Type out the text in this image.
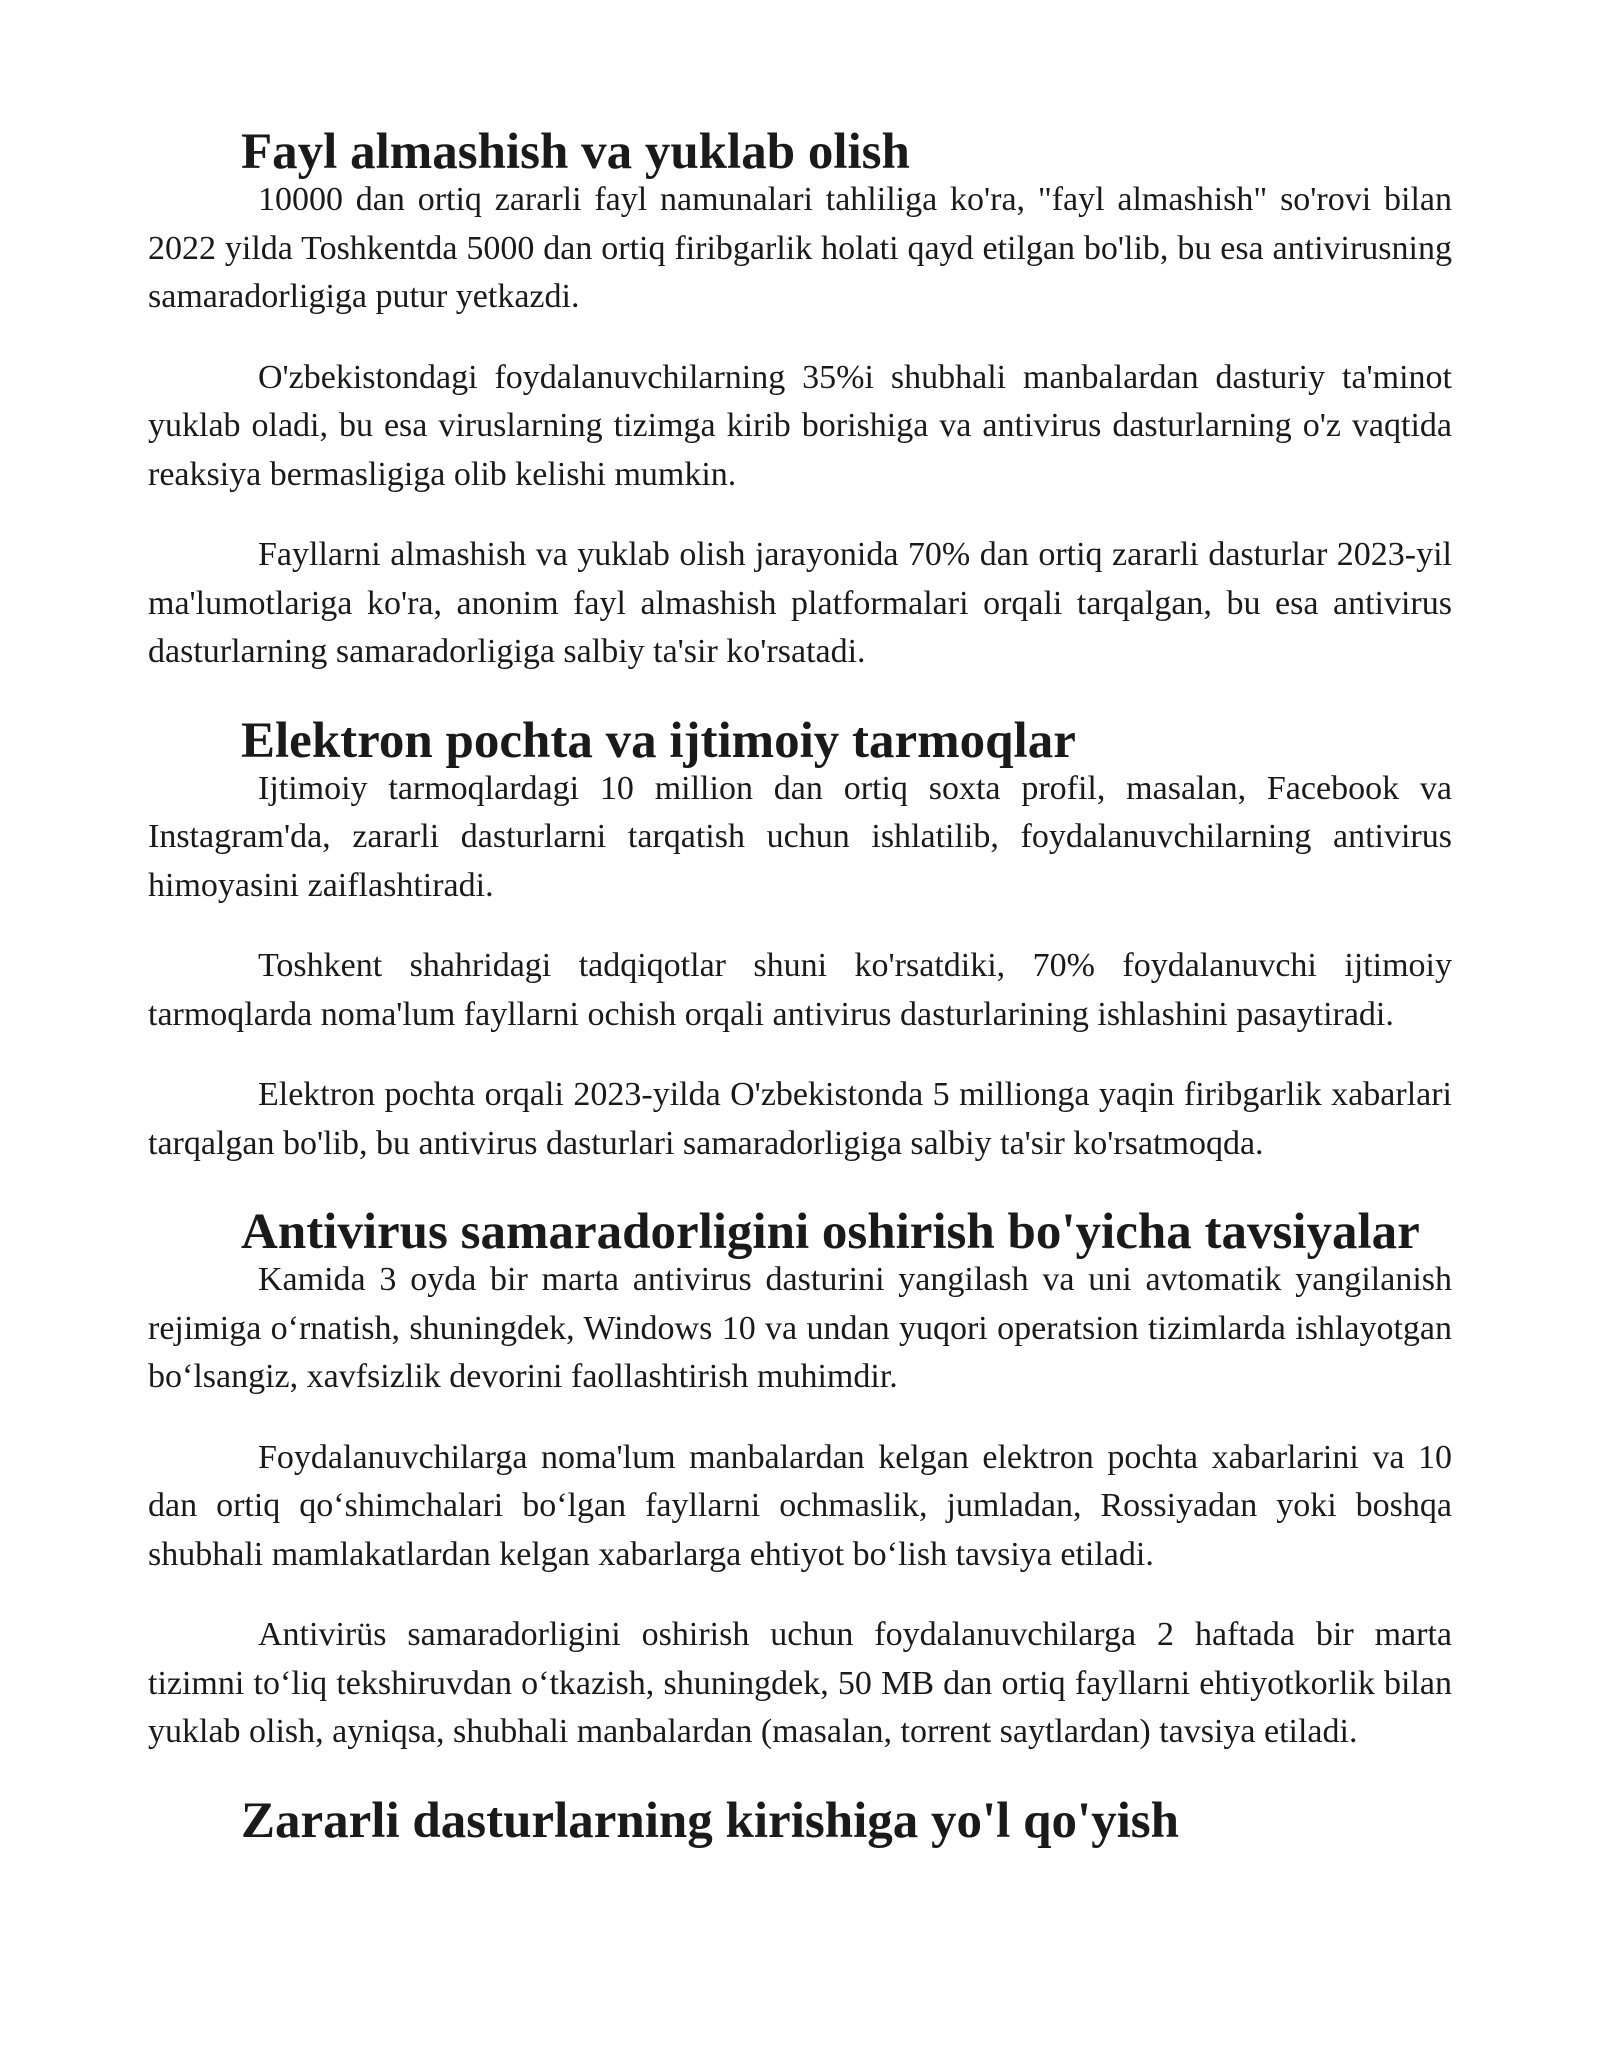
Fayl almashish va yuklab olish

10000 dan ortiq zararli fayl namunalari tahliliga ko'ra, "fayl almashish" so'rovi bilan 2022 yilda Toshkentda 5000 dan ortiq firibgarlik holati qayd etilgan bo'lib, bu esa antivirusning samaradorligiga putur yetkazdi.

O'zbekistondagi foydalanuvchilarning 35%i shubhali manbalardan dasturiy ta'minot yuklab oladi, bu esa viruslarning tizimga kirib borishiga va antivirus dasturlarning o'z vaqtida reaksiya bermasligiga olib kelishi mumkin.

Fayllarni almashish va yuklab olish jarayonida 70% dan ortiq zararli dasturlar 2023-yil ma'lumotlariga ko'ra, anonim fayl almashish platformalari orqali tarqalgan, bu esa antivirus dasturlarning samaradorligiga salbiy ta'sir ko'rsatadi.

Elektron pochta va ijtimoiy tarmoqlar

Ijtimoiy tarmoqlardagi 10 million dan ortiq soxta profil, masalan, Facebook va Instagram'da, zararli dasturlarni tarqatish uchun ishlatilib, foydalanuvchilarning antivirus himoyasini zaiflashtiradi.

Toshkent shahridagi tadqiqotlar shuni ko'rsatdiki, 70% foydalanuvchi ijtimoiy tarmoqlarda noma'lum fayllarni ochish orqali antivirus dasturlarining ishlashini pasaytiradi.

Elektron pochta orqali 2023-yilda O'zbekistonda 5 millionga yaqin firibgarlik xabarlari tarqalgan bo'lib, bu antivirus dasturlari samaradorligiga salbiy ta'sir ko'rsatmoqda.

Antivirus samaradorligini oshirish bo'yicha tavsiyalar

Kamida 3 oyda bir marta antivirus dasturini yangilash va uni avtomatik yangilanish rejimiga oʻrnatish, shuningdek, Windows 10 va undan yuqori operatsion tizimlarda ishlayotgan boʻlsangiz, xavfsizlik devorini faollashtirish muhimdir.

Foydalanuvchilarga noma'lum manbalardan kelgan elektron pochta xabarlarini va 10 dan ortiq qoʻshimchalari boʻlgan fayllarni ochmaslik, jumladan, Rossiyadan yoki boshqa shubhali mamlakatlardan kelgan xabarlarga ehtiyot boʻlish tavsiya etiladi.

Antivirüs samaradorligini oshirish uchun foydalanuvchilarga 2 haftada bir marta tizimni toʻliq tekshiruvdan oʻtkazish, shuningdek, 50 MB dan ortiq fayllarni ehtiyotkorlik bilan yuklab olish, ayniqsa, shubhali manbalardan (masalan, torrent saytlardan) tavsiya etiladi.

Zararli dasturlarning kirishiga yo'l qo'yish
